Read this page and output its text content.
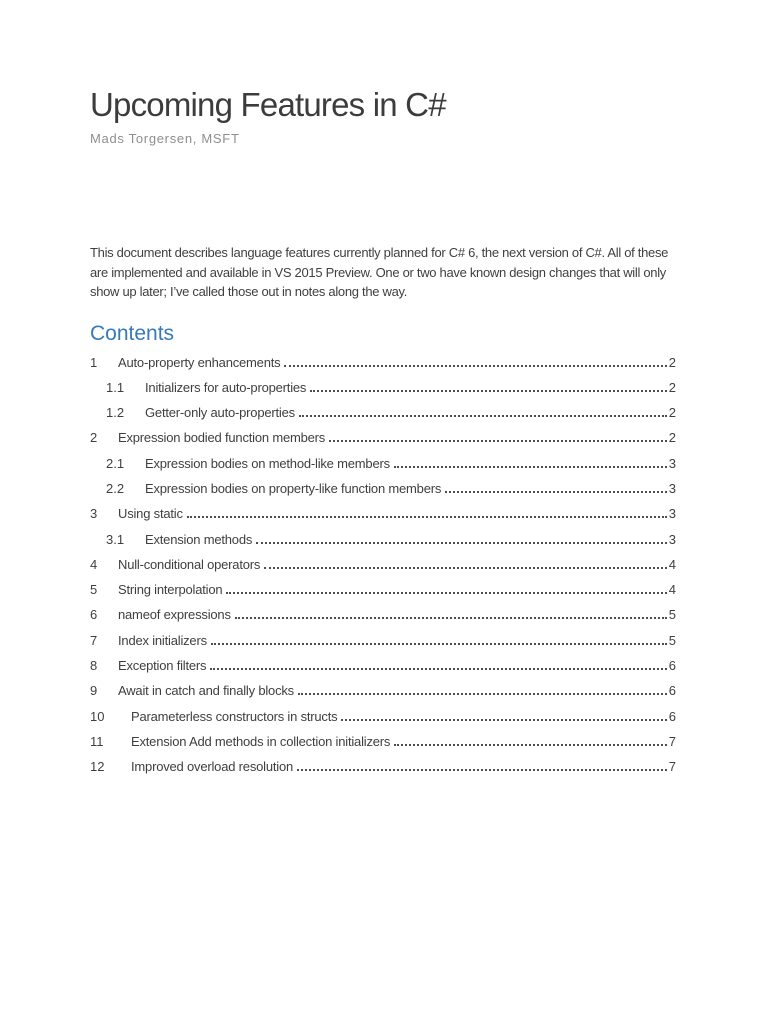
Upcoming Features in C#
Mads Torgersen, MSFT

This document describes language features currently planned for C# 6, the next version of C#. All of these are implemented and available in VS 2015 Preview. One or two have known design changes that will only show up later; I’ve called those out in notes along the way.

Contents
1	Auto-property enhancements	2
1.1	Initializers for auto-properties	2
1.2	Getter-only auto-properties	2
2	Expression bodied function members	2
2.1	Expression bodies on method-like members	3
2.2	Expression bodies on property-like function members	3
3	Using static	3
3.1	Extension methods	3
4	Null-conditional operators	4
5	String interpolation	4
6	nameof expressions	5
7	Index initializers	5
8	Exception filters	6
9	Await in catch and finally blocks	6
10	Parameterless constructors in structs	6
11	Extension Add methods in collection initializers	7
12	Improved overload resolution	7
